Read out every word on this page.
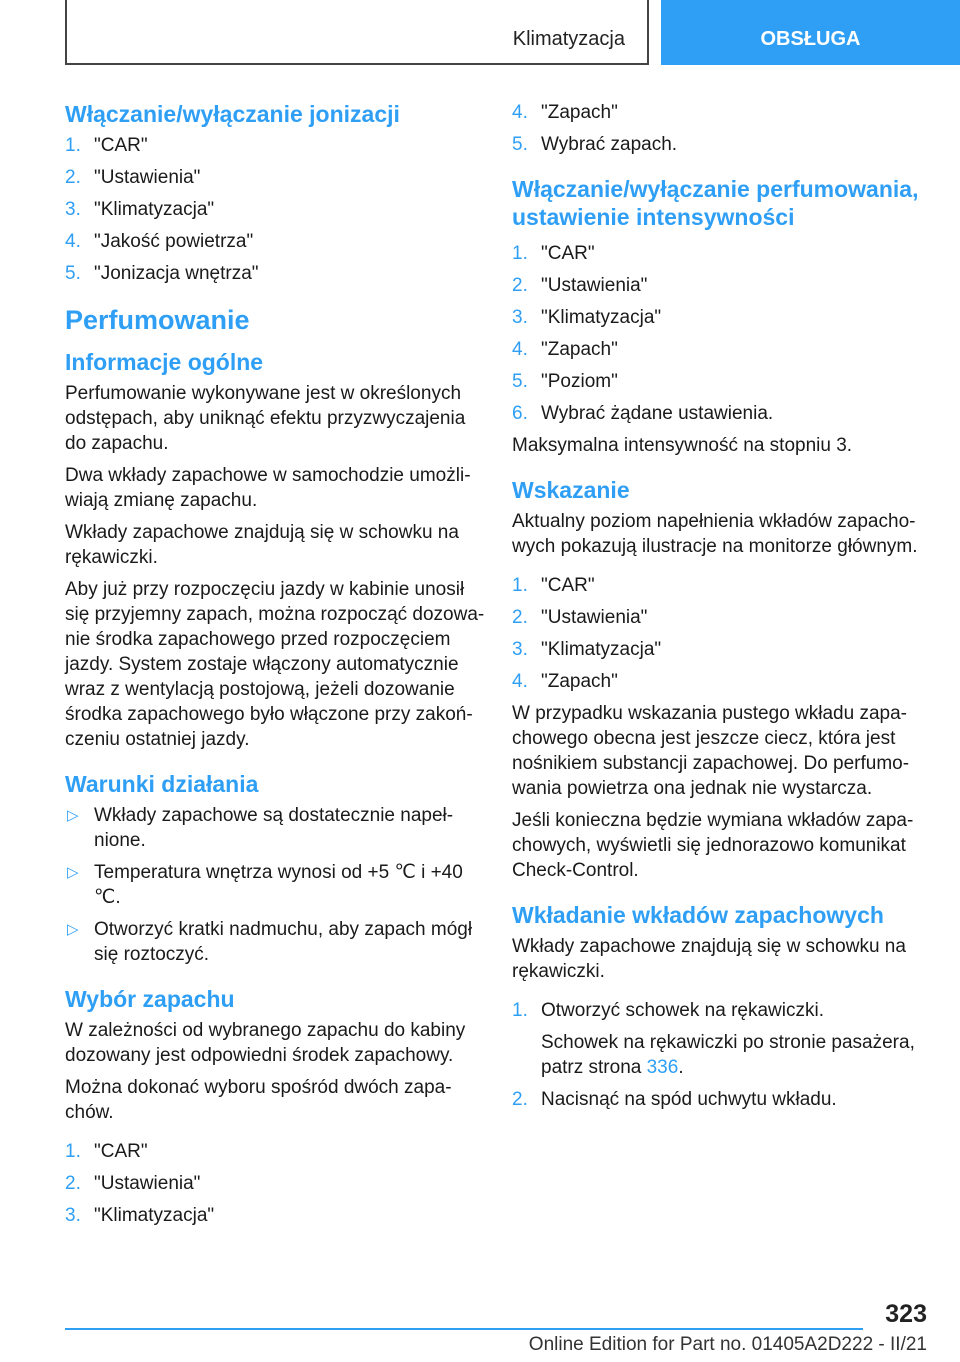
Klimatyzacja	OBSŁUGA
Włączanie/wyłączanie jonizacji
1. "CAR"
2. "Ustawienia"
3. "Klimatyzacja"
4. "Jakość powietrza"
5. "Jonizacja wnętrza"
Perfumowanie
Informacje ogólne

Perfumowanie wykonywane jest w określonych odstępach, aby uniknąć efektu przyzwyczajenia do zapachu.

Dwa wkłady zapachowe w samochodzie umożliwiają zmianę zapachu.

Wkłady zapachowe znajdują się w schowku na rękawiczki.

Aby już przy rozpoczęciu jazdy w kabinie unosił się przyjemny zapach, można rozpocząć dozowanie środka zapachowego przed rozpoczęciem jazdy. System zostaje włączony automatycznie wraz z wentylacją postojową, jeżeli dozowanie środka zapachowego było włączone przy zakończeniu ostatniej jazdy.

Warunki działania
▷ Wkłady zapachowe są dostatecznie napełnione.
▷ Temperatura wnętrza wynosi od +5 ℃ i +40 ℃.
▷ Otworzyć kratki nadmuchu, aby zapach mógł się roztoczyć.
Wybór zapachu

W zależności od wybranego zapachu do kabiny dozowany jest odpowiedni środek zapachowy.

Można dokonać wyboru spośród dwóch zapachów.

1. "CAR"
2. "Ustawienia"
3. "Klimatyzacja"
4. "Zapach"
5. Wybrać zapach.
Włączanie/wyłączanie perfumowania, ustawienie intensywności
1. "CAR"
2. "Ustawienia"
3. "Klimatyzacja"
4. "Zapach"
5. "Poziom"
6. Wybrać żądane ustawienia.

Maksymalna intensywność na stopniu 3.

Wskazanie

Aktualny poziom napełnienia wkładów zapachowych pokazują ilustracje na monitorze głównym.

1. "CAR"
2. "Ustawienia"
3. "Klimatyzacja"
4. "Zapach"

W przypadku wskazania pustego wkładu zapachowego obecna jest jeszcze ciecz, która jest nośnikiem substancji zapachowej. Do perfumowania powietrza ona jednak nie wystarcza.

Jeśli konieczna będzie wymiana wkładów zapachowych, wyświetli się jednorazowo komunikat Check-Control.

Wkładanie wkładów zapachowych

Wkłady zapachowe znajdują się w schowku na rękawiczki.

1. Otworzyć schowek na rękawiczki.
Schowek na rękawiczki po stronie pasażera, patrz strona 336.
2. Nacisnąć na spód uchwytu wkładu.
323
Online Edition for Part no. 01405A2D222 - II/21
